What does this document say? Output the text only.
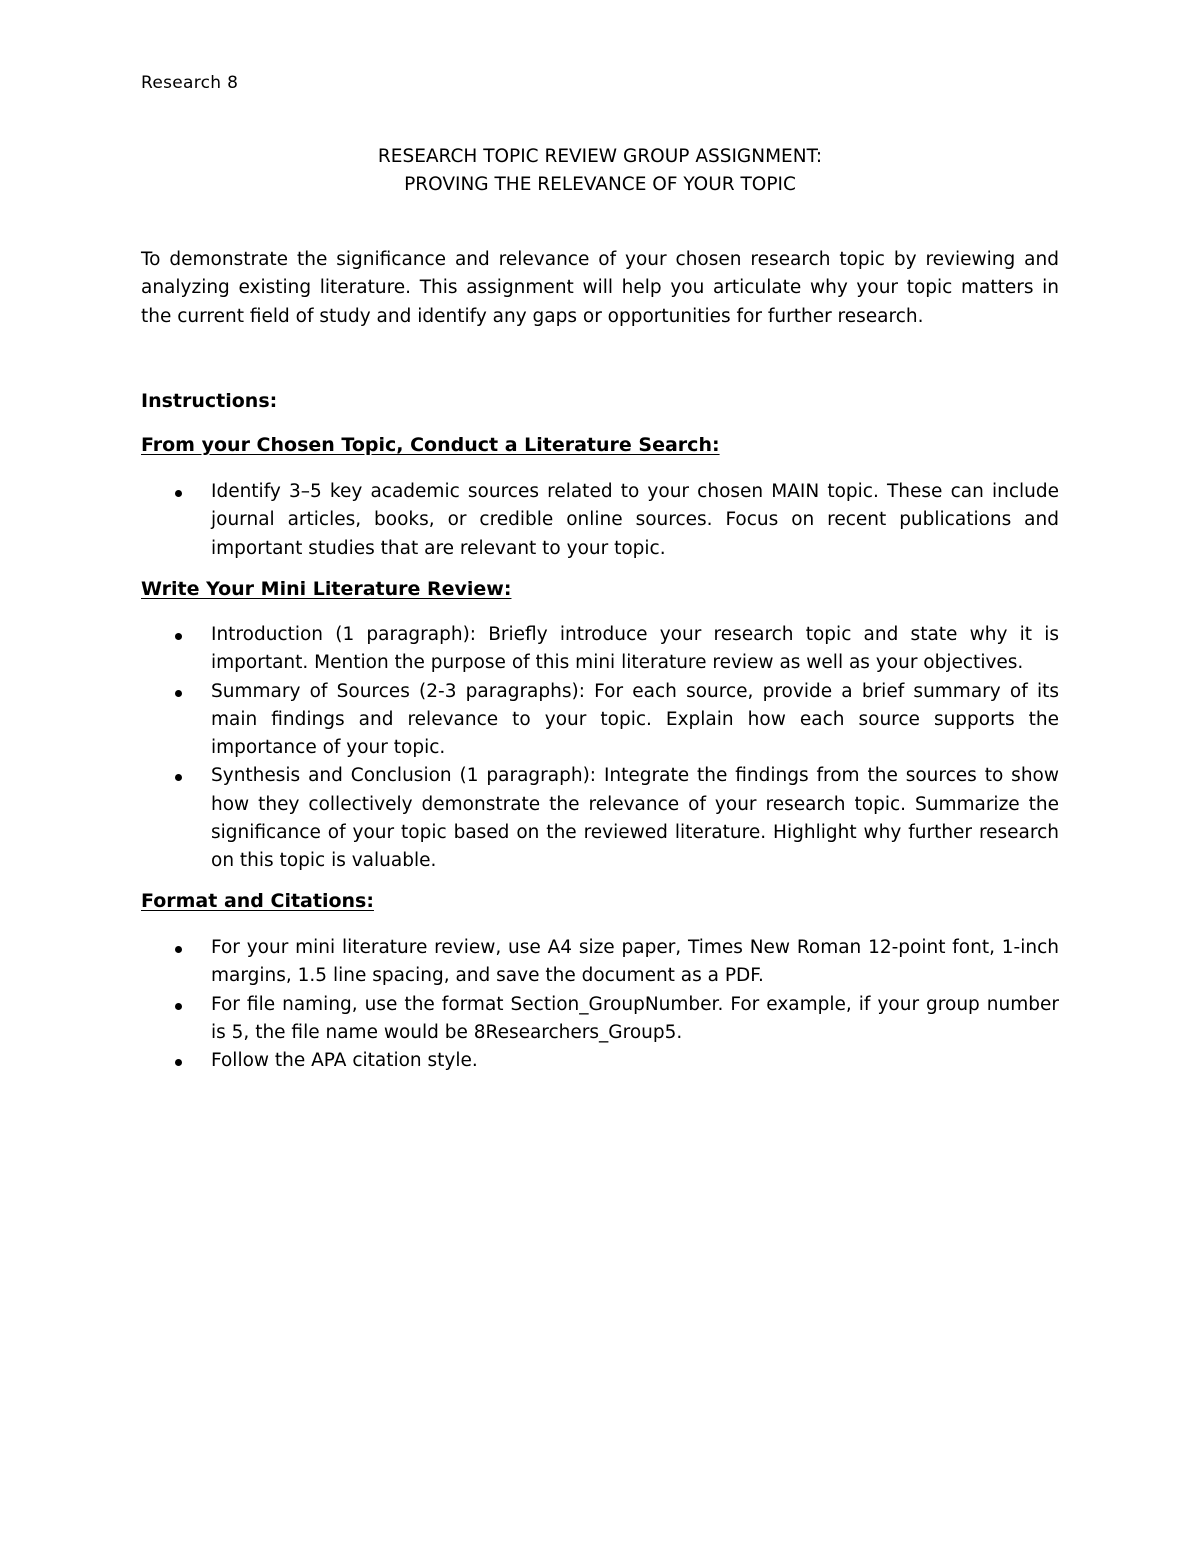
Research 8
RESEARCH TOPIC REVIEW GROUP ASSIGNMENT:
PROVING THE RELEVANCE OF YOUR TOPIC

To demonstrate the significance and relevance of your chosen research topic by reviewing and analyzing existing literature. This assignment will help you articulate why your topic matters in the current field of study and identify any gaps or opportunities for further research.

Instructions:
From your Chosen Topic, Conduct a Literature Search:
Identify 3–5 key academic sources related to your chosen MAIN topic. These can include journal articles, books, or credible online sources. Focus on recent publications and important studies that are relevant to your topic.
Write Your Mini Literature Review:
Introduction (1 paragraph): Briefly introduce your research topic and state why it is important. Mention the purpose of this mini literature review as well as your objectives.
Summary of Sources (2-3 paragraphs): For each source, provide a brief summary of its main findings and relevance to your topic. Explain how each source supports the importance of your topic.
Synthesis and Conclusion (1 paragraph): Integrate the findings from the sources to show how they collectively demonstrate the relevance of your research topic. Summarize the significance of your topic based on the reviewed literature. Highlight why further research on this topic is valuable.
Format and Citations:
For your mini literature review, use A4 size paper, Times New Roman 12-point font, 1-inch margins, 1.5 line spacing, and save the document as a PDF.
For file naming, use the format Section_GroupNumber. For example, if your group number is 5, the file name would be 8Researchers_Group5.
Follow the APA citation style.
